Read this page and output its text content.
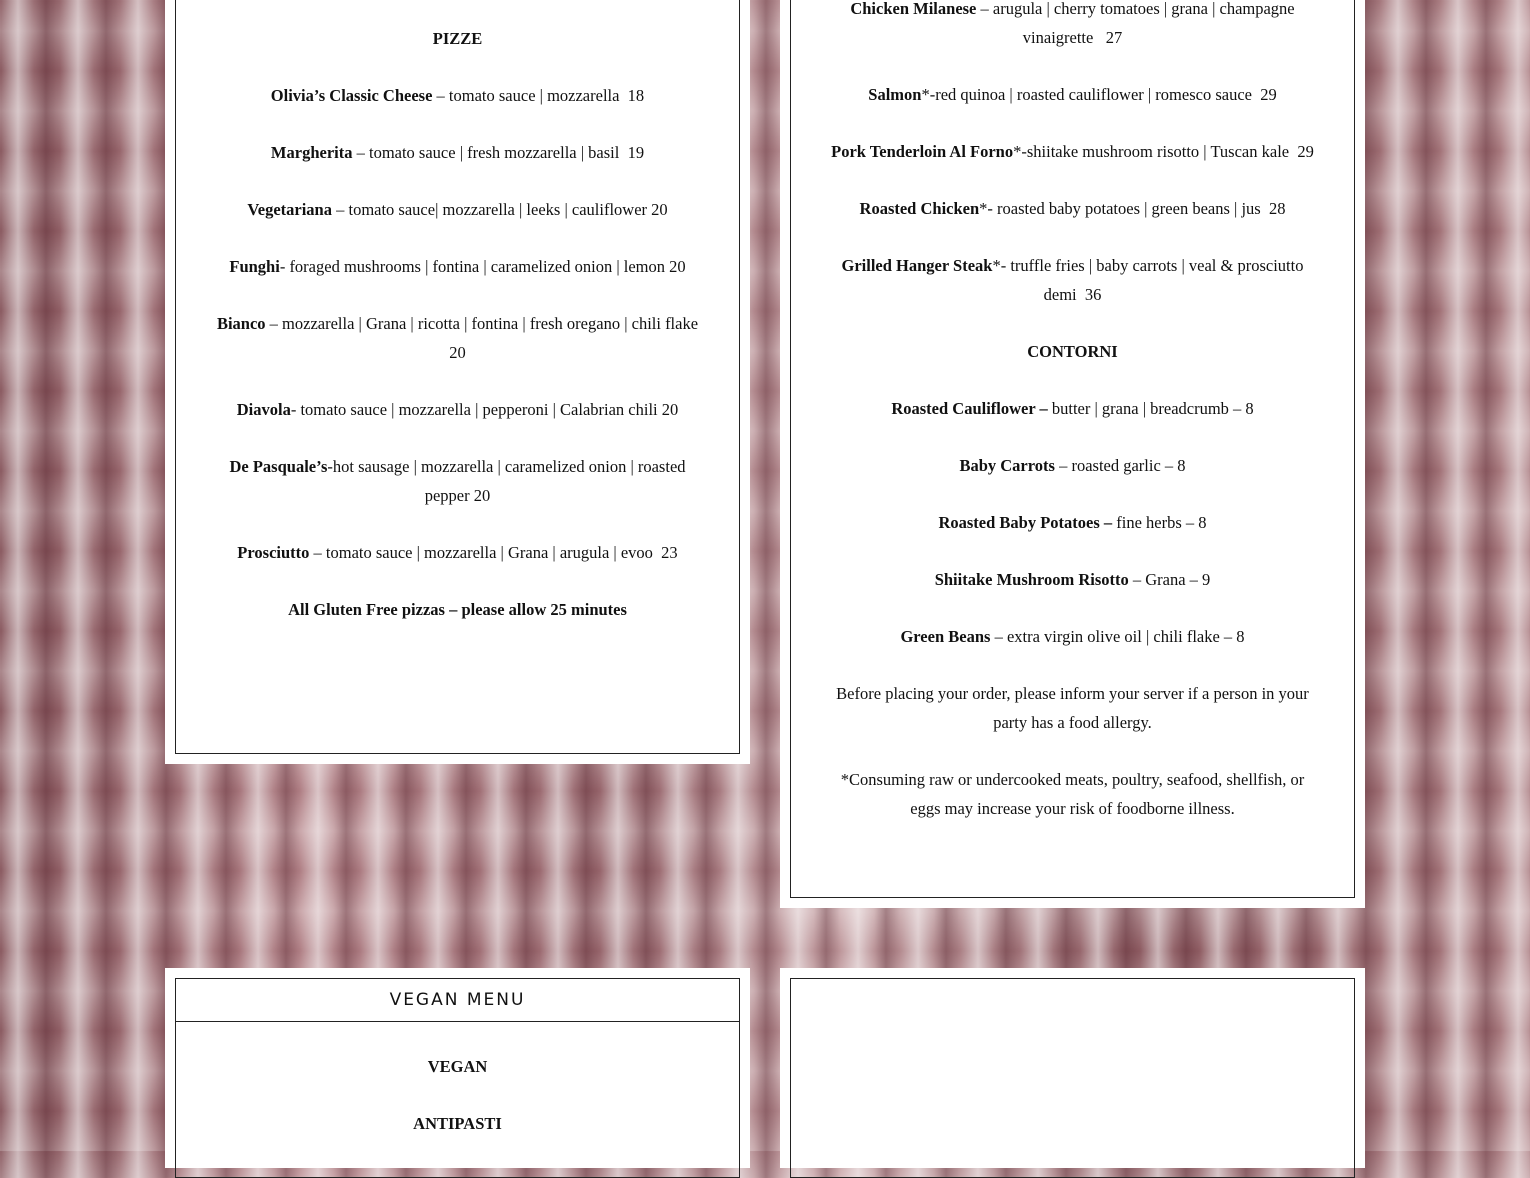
PIZZE
Olivia’s Classic Cheese – tomato sauce | mozzarella  18
Margherita – tomato sauce | fresh mozzarella | basil  19
Vegetariana – tomato sauce| mozzarella | leeks | cauliflower 20
Funghi- foraged mushrooms | fontina | caramelized onion | lemon 20
Bianco – mozzarella | Grana | ricotta | fontina | fresh oregano | chili flake  20
Diavola- tomato sauce | mozzarella | pepperoni | Calabrian chili 20
De Pasquale’s-hot sausage | mozzarella | caramelized onion | roasted pepper 20
Prosciutto – tomato sauce | mozzarella | Grana | arugula | evoo  23
All Gluten Free pizzas – please allow 25 minutes
Chicken Milanese – arugula | cherry tomatoes | grana | champagne vinaigrette   27
Salmon*-red quinoa | roasted cauliflower | romesco sauce  29
Pork Tenderloin Al Forno*-shiitake mushroom risotto | Tuscan kale  29
Roasted Chicken*- roasted baby potatoes | green beans | jus  28
Grilled Hanger Steak*- truffle fries | baby carrots | veal & prosciutto demi  36
CONTORNI
Roasted Cauliflower – butter | grana | breadcrumb – 8
Baby Carrots – roasted garlic – 8
Roasted Baby Potatoes – fine herbs – 8
Shiitake Mushroom Risotto – Grana – 9
Green Beans – extra virgin olive oil | chili flake – 8
Before placing your order, please inform your server if a person in your party has a food allergy.
*Consuming raw or undercooked meats, poultry, seafood, shellfish, or eggs may increase your risk of foodborne illness.
VEGAN MENU
VEGAN
ANTIPASTI
